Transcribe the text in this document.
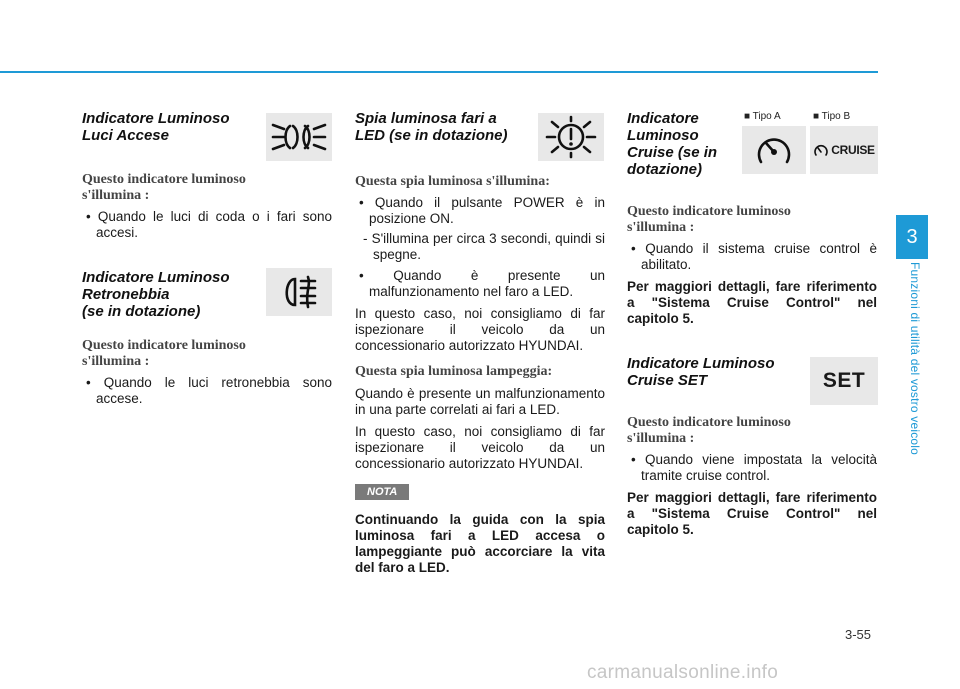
Indicatore Luminoso
Luci Accese
Questo indicatore luminoso s'illumina :
• Quando le luci di coda o i fari sono accesi.
Indicatore Luminoso
Retronebbia
(se in dotazione)
Questo indicatore luminoso s'illumina :
• Quando le luci retronebbia sono accese.
Spia luminosa fari a
LED (se in dotazione)
Questa spia luminosa s'illumina:
• Quando il pulsante POWER è in posizione ON.
- S'illumina per circa 3 secondi, quindi si spegne.
• Quando è presente un malfunzionamento nel faro a LED.
In questo caso, noi consigliamo di far ispezionare il veicolo da un concessionario autorizzato HYUNDAI.
Questa spia luminosa lampeggia:
Quando è presente un malfunzionamento in una parte correlati ai fari a LED.
In questo caso, noi consigliamo di far ispezionare il veicolo da un concessionario autorizzato HYUNDAI.
NOTA
Continuando la guida con la spia luminosa fari a LED accesa o lampeggiante può accorciare la vita del faro a LED.
Indicatore
Luminoso
Cruise (se in
dotazione)
Questo indicatore luminoso s'illumina :
• Quando il sistema cruise control è abilitato.
Per maggiori dettagli, fare riferimento a "Sistema Cruise Control" nel capitolo 5.
Indicatore Luminoso
Cruise SET
Questo indicatore luminoso s'illumina :
• Quando viene impostata la velocità tramite cruise control.
Per maggiori dettagli, fare riferimento a "Sistema Cruise Control" nel capitolo 5.
■ Tipo A	■ Tipo B
CRUISE
SET
3
Funzioni di utilità del vostro veicolo
3-55
carmanualsonline.info
